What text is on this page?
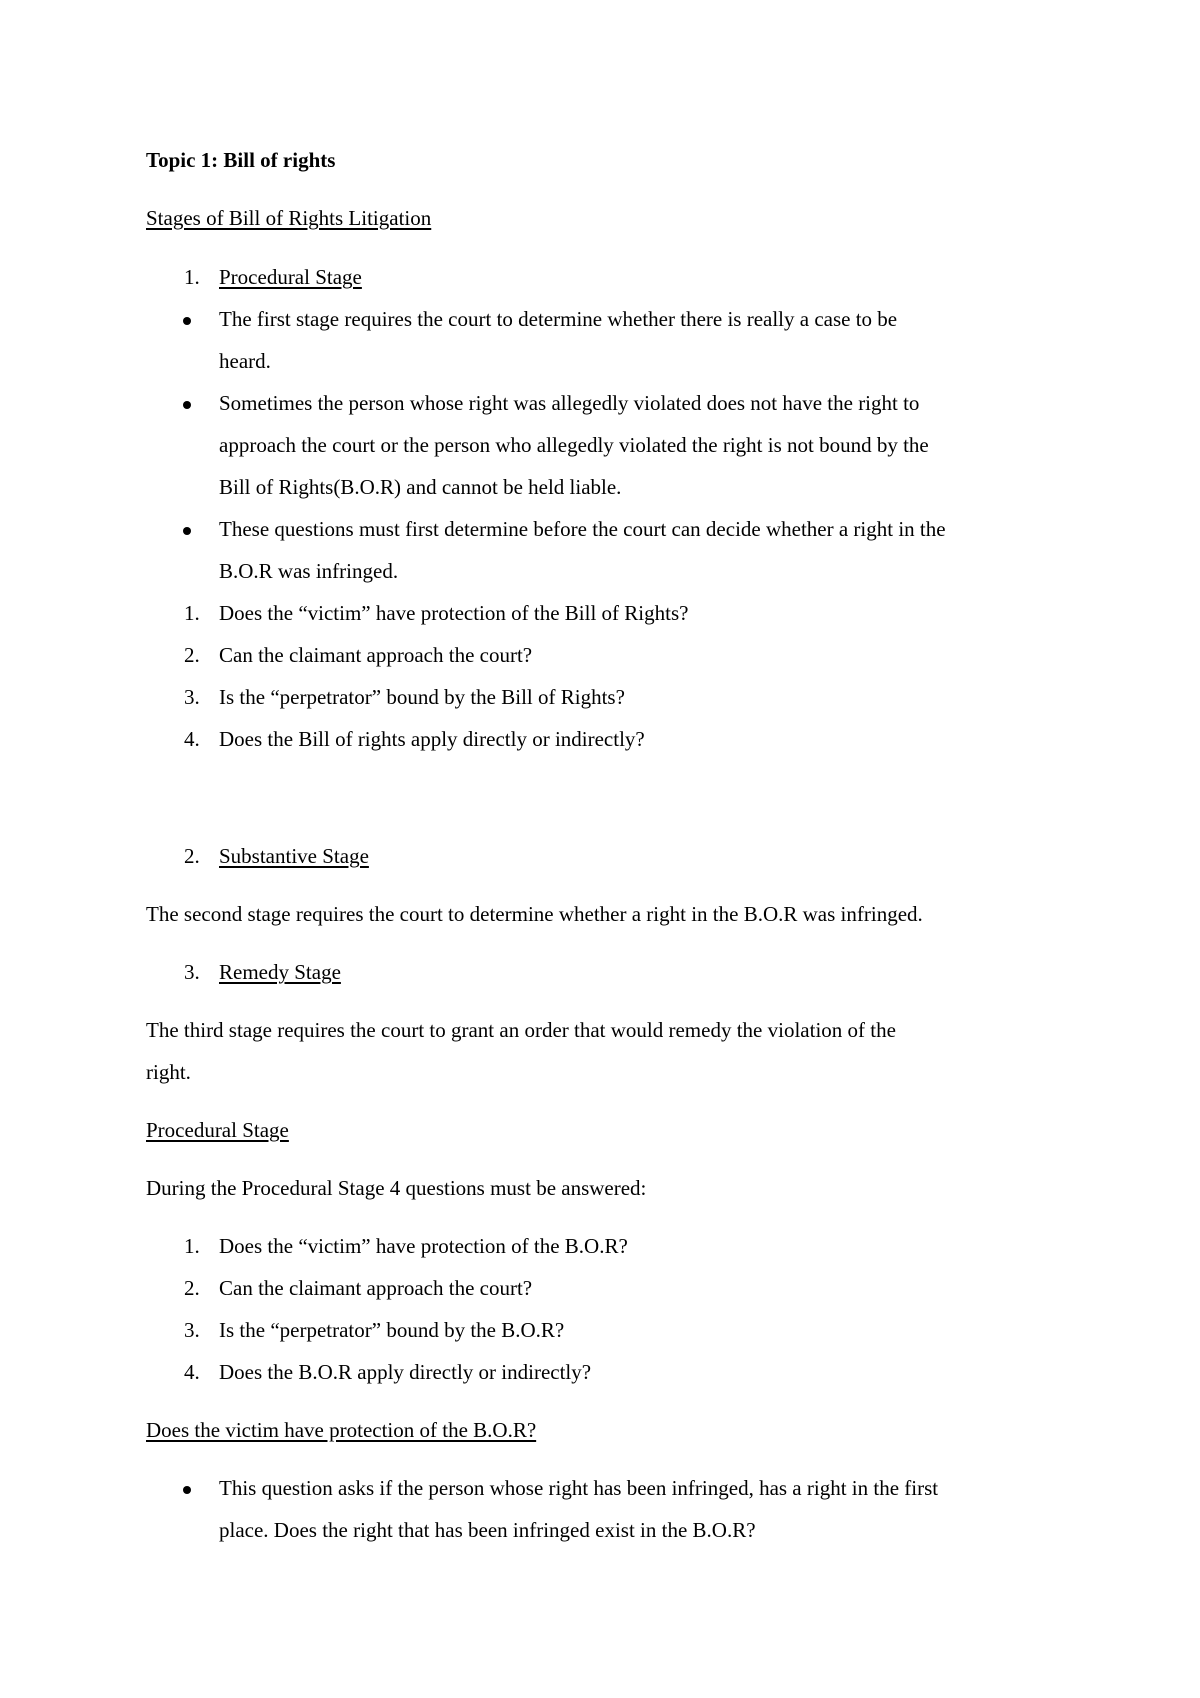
Topic 1: Bill of rights
Stages of Bill of Rights Litigation
1. Procedural Stage
The first stage requires the court to determine whether there is really a case to be
heard.
Sometimes the person whose right was allegedly violated does not have the right to
approach the court or the person who allegedly violated the right is not bound by the
Bill of Rights(B.O.R) and cannot be held liable.
These questions must first determine before the court can decide whether a right in the
B.O.R was infringed.
1. Does the “victim” have protection of the Bill of Rights?
2. Can the claimant approach the court?
3. Is the “perpetrator” bound by the Bill of Rights?
4. Does the Bill of rights apply directly or indirectly?
2. Substantive Stage
The second stage requires the court to determine whether a right in the B.O.R was infringed.
3. Remedy Stage
The third stage requires the court to grant an order that would remedy the violation of the
right.
Procedural Stage
During the Procedural Stage 4 questions must be answered:
1. Does the “victim” have protection of the B.O.R?
2. Can the claimant approach the court?
3. Is the “perpetrator” bound by the B.O.R?
4. Does the B.O.R apply directly or indirectly?
Does the victim have protection of the B.O.R?
This question asks if the person whose right has been infringed, has a right in the first
place. Does the right that has been infringed exist in the B.O.R?
